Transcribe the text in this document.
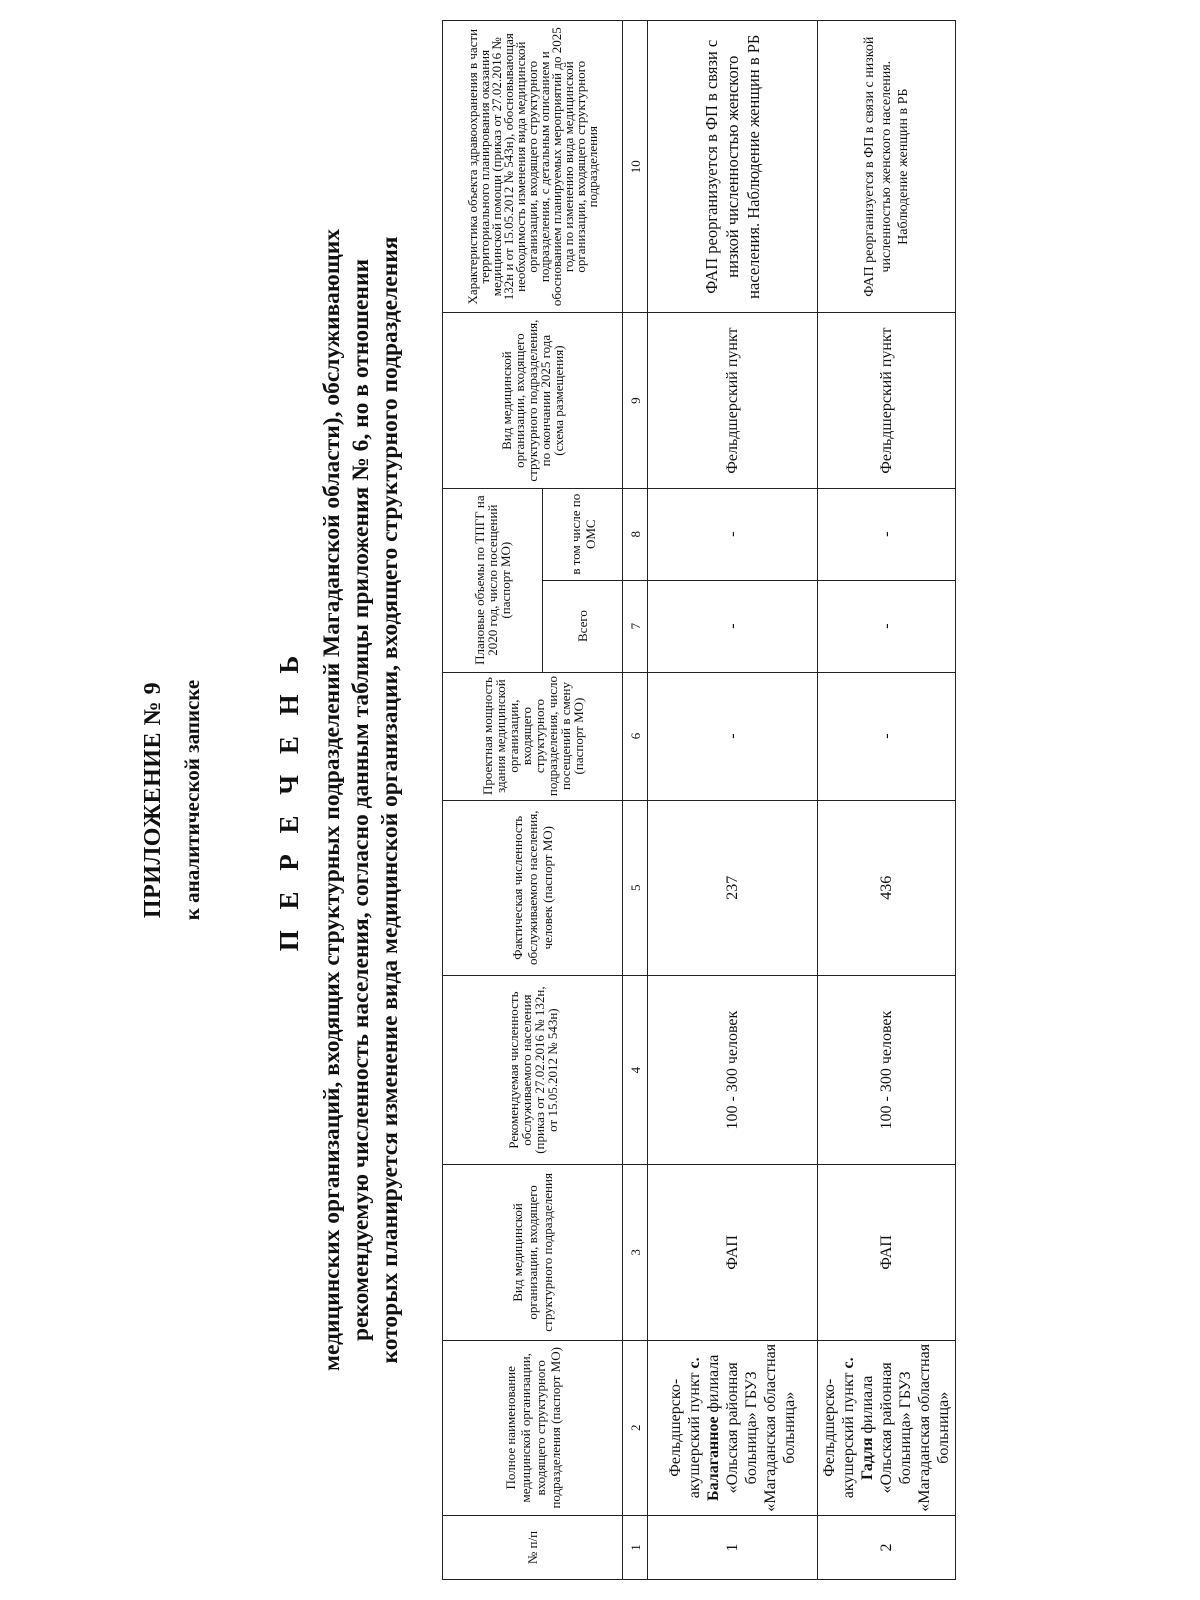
ПРИЛОЖЕНИЕ № 9 к аналитической записке	П Е Р Е Ч Е Н Ь медицинских организаций, входящих структурных подразделений Магаданской области), обслуживающих рекомендуемую численность населения, согласно данным таблицы приложения № 6, но в отношении которых планируется изменение вида медицинской организации, входящего структурного подразделения
№ п/п	Полное наименование медицинской организации, входящего структурного подразделения (паспорт МО)	Вид медицинской организации, входящего структурного подразделения	Рекомендуемая численность обслуживаемого населения (приказ от 27.02.2016 № 132н, от 15.05.2012 № 543н)	Фактическая численность обслуживаемого населения, человек (паспорт МО)	Проектная мощность здания медицинской организации, входящего структурного подразделения, число посещений в смену (паспорт МО)	Плановые объемы по ТПГГ на 2020 год, число посещений (паспорт МО)		Вид медицинской организации, входящего структурного подразделения, по окончании 2025 года (схема размещения)	Характеристика объекта здравоохранения в части территориального планирования оказания медицинской помощи (приказ от 27.02.2016 № 132н и от 15.05.2012 № 543н), обосновывающая необходимость изменения вида медицинской организации, входящего структурного подразделения, с детальным описанием и обоснованием планируемых мероприятий до 2025 года по изменению вида медицинской организации, входящего структурного подразделения
						Всего	в том числе по ОМС		
1	2	3	4	5	6	7	8	9	10
1	Фельдшерско-акушерский пункт с. Балаганное филиала «Ольская районная больница» ГБУЗ «Магаданская областная больница»	ФАП	100 - 300 человек	237	-	-	-	Фельдшерский пункт	ФАП реорганизуется в ФП в связи с низкой численностью женского населения. Наблюдение женщин в РБ
2	Фельдшерско-акушерский пункт с. Гадля филиала «Ольская районная больница» ГБУЗ «Магаданская областная больница»	ФАП	100 - 300 человек	436	-	-	-	Фельдшерский пункт	ФАП реорганизуется в ФП в связи с низкой численностью женского населения. Наблюдение женщин в РБ
